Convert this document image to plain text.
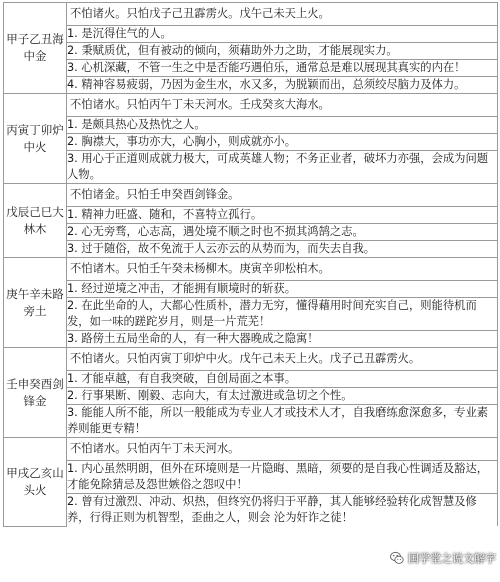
甲子乙丑海中金	不怕诸火。只怕戊子己丑霹雳火。戊午己未天上火。
	1. 是沉得住气的人。
	2. 秉赋质优，但有被动的倾向，须藉助外力之助，才能展现实力。
	3. 心机深藏，不管一生之中是否能巧遇伯乐，通常总是难以展现其真实的内在！
	4. 精神容易疲弱，乃因为金生水，水又多，为脱颖而出，总须绞尽脑力及体力。
丙寅丁卯炉中火	不怕诸水。只怕丙午丁未天河水。壬戌癸亥大海水。
	1. 是颇具热心及热忱之人。
	2. 胸襟大，事功亦大，心胸小，则成就亦小。
	3. 用心于正道则成就力极大，可成英雄人物；不务正业者，破坏力亦强，会成为问题人物。
戊辰己巳大林木	不怕诸金。只怕壬申癸酉剑锋金。
	1. 精神力旺盛、随和，不喜特立孤行。
	2. 心无旁骛，心志高，遇处境不顺之时也不损其鸿鹄之志。
	3. 过于随俗，故不免流于人云亦云的从势而为，而失去自我。
庚午辛未路旁土	不怕诸木。只怕壬午癸未杨柳木。庚寅辛卯松柏木。
	1. 经过逆境之冲击，才能拥有顺境时的斩获。
	2. 在此坐命的人，大都心性质朴，潜力无穷，懂得藉用时间充实自己，则能待机而发，如一味的蹉跎岁月，则是一片荒芜！
	3. 路傍土五局坐命的人，有一种大器晚成之隐寓！
壬申癸酉剑锋金	不怕诸火。只怕丙寅丁卯炉中火。戊午己未天上火。戊子己丑霹雳火。
	1. 才能卓越，有自我突破，自创局面之本事。
	2. 行事果断、刚毅、志向大，有太过激进或急切之个性。
	3. 能能人所不能，所以一般能成为专业人才或技术人才，自我磨练愈深愈多，专业素养则能更专精！
甲戌乙亥山头火	不怕诸水。只怕丙午丁未天河水。
	1. 内心虽然明朗，但外在环境则是一片隐晦、黑暗，须要的是自我心性调适及豁达，才能免除猜忌及怨世嫉俗之怨叹中！
	2. 曾有过激烈、冲动、炽热，但终究仍将归于平静，其人能够经验转化成智慧及修养，行得正则为机智型，歪曲之人，则会 沦为奸诈之徒！
国学堂之说文解字
